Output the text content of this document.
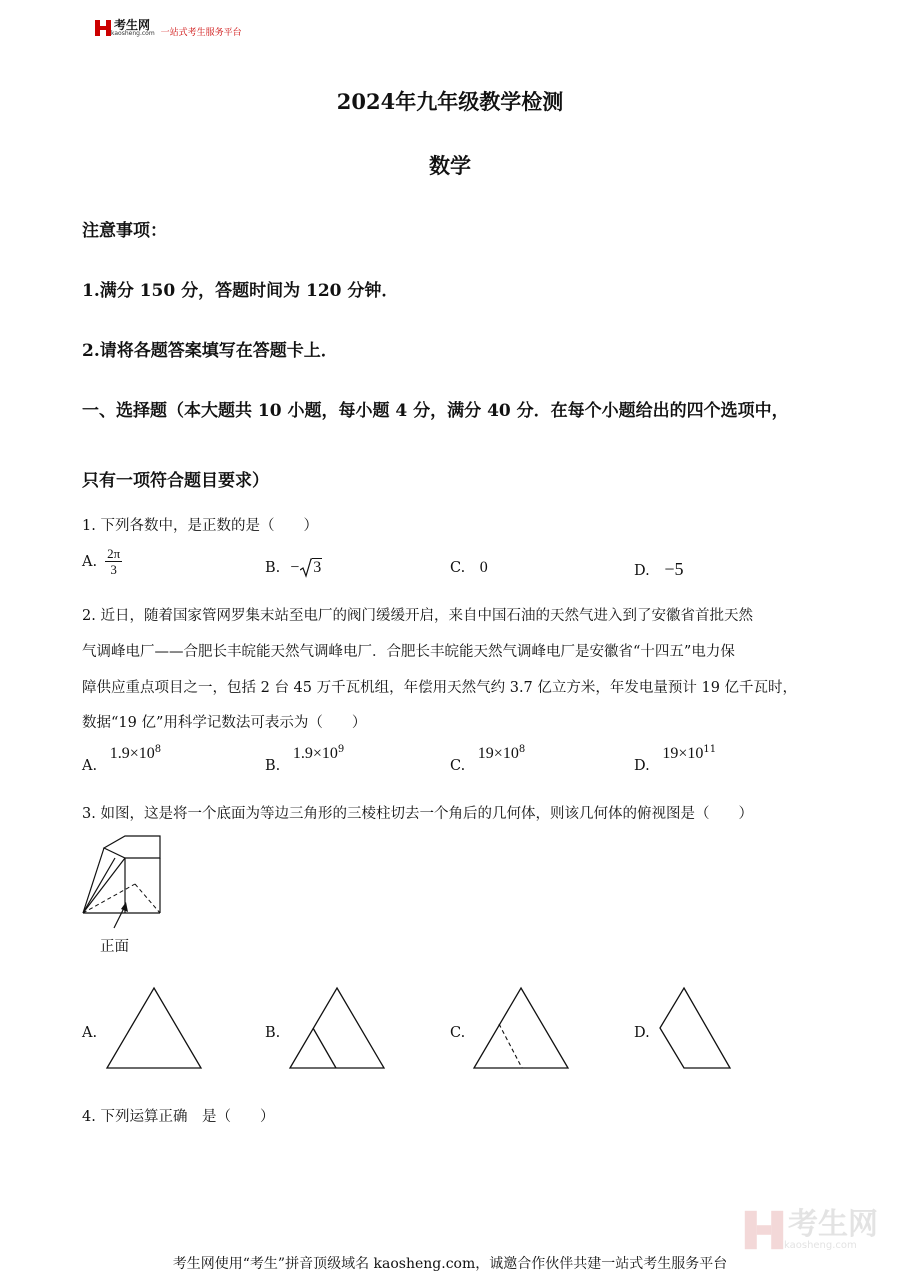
考生网
kaosheng.com 一站式考生服务平台
2024年九年级教学检测
数学
注意事项：
1.满分 150 分，答题时间为 120 分钟．
2.请将各题答案填写在答题卡上．
一、选择题（本大题共 10 小题，每小题 4 分，满分 40 分．在每个小题给出的四个选项中，
只有一项符合题目要求）
1. 下列各数中，是正数的是（　　）
A. $\frac{2\pi}{3}$	B. − 3	C. 0	D. −5
2. 近日，随着国家管网罗集末站至电厂的阀门缓缓开启，来自中国石油的天然气进入到了安徽省首批天然
气调峰电厂——合肥长丰皖能天然气调峰电厂．合肥长丰皖能天然气调峰电厂是安徽省“十四五”电力保
障供应重点项目之一，包括 2 台 45 万千瓦机组，年偿用天然气约 3.7 亿立方米，年发电量预计 19 亿千瓦时，
数据“19 亿”用科学记数法可表示为（　　）
A. $1.9\times 10^8$
B. $1.9\times 10^9$
C. $19\times 10^8$
D. $19\times 10^{11}$
3. 如图，这是将一个底面为等边三角形的三棱柱切去一个角后的几何体，则该几何体的俯视图是（　　）
正面
A.	B.	C.	D.
4. 下列运算正确　是（　　）
考生网
kaosheng.com
考生网使用“考生”拼音顶级域名 kaosheng.com，诚邀合作伙伴共建一站式考生服务平台
